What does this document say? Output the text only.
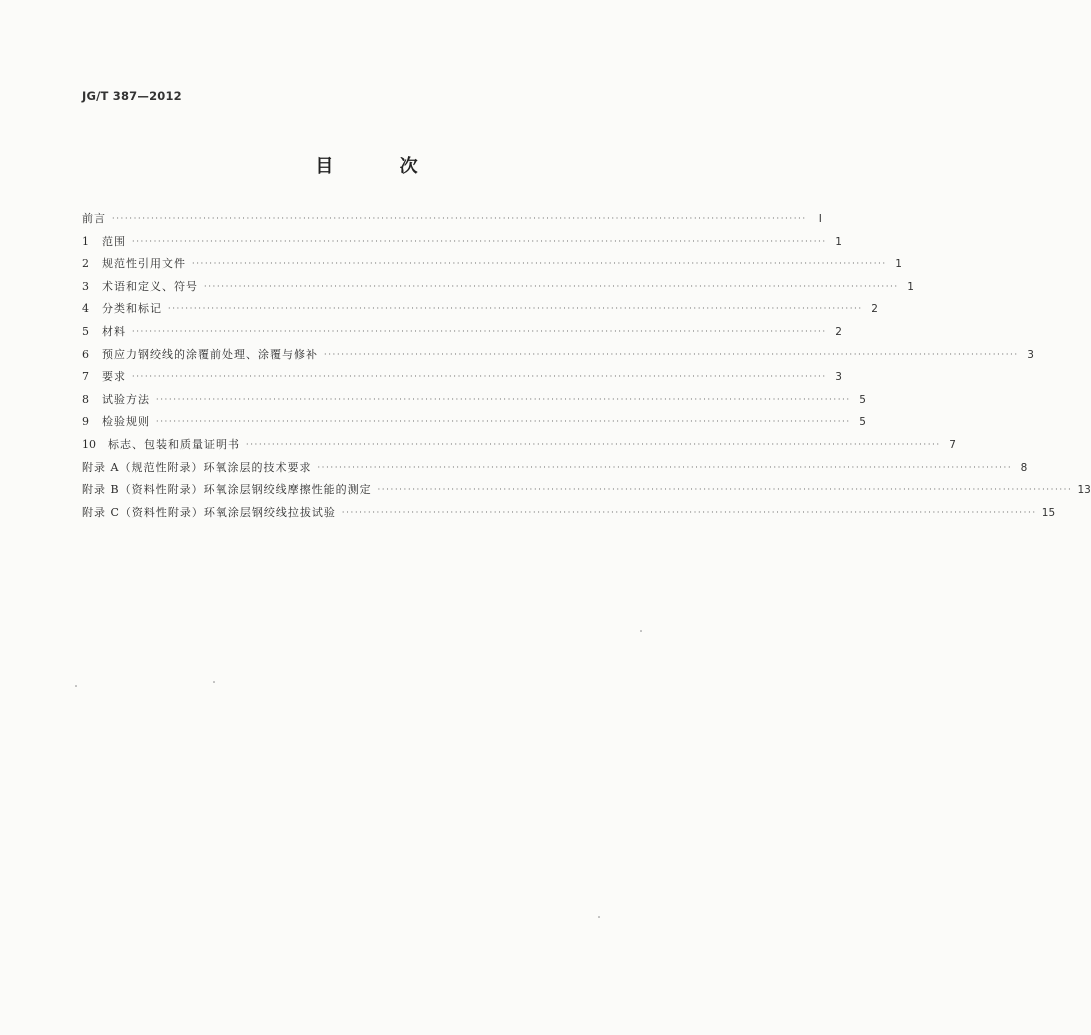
JG/T 387—2012
目 次
前言 ································································································································································	Ⅰ
1	范围 ································································································································································ 1
2	规范性引用文件 ································································································································································ 1
3	术语和定义、符号 ································································································································································ 1
4	分类和标记 ································································································································································ 2
5	材料 ································································································································································ 2
6	预应力钢绞线的涂覆前处理、涂覆与修补 ································································································································································ 3
7	要求 ································································································································································ 3
8	试验方法 ································································································································································ 5
9	检验规则 ································································································································································ 5
10	标志、包装和质量证明书 ································································································································································ 7
附录 A（规范性附录） 环氧涂层的技术要求 ································································································································································ 8
附录 B（资料性附录） 环氧涂层钢绞线摩擦性能的测定 ································································································································································ 13
附录 C（资料性附录） 环氧涂层钢绞线拉拔试验 ································································································································································ 15
